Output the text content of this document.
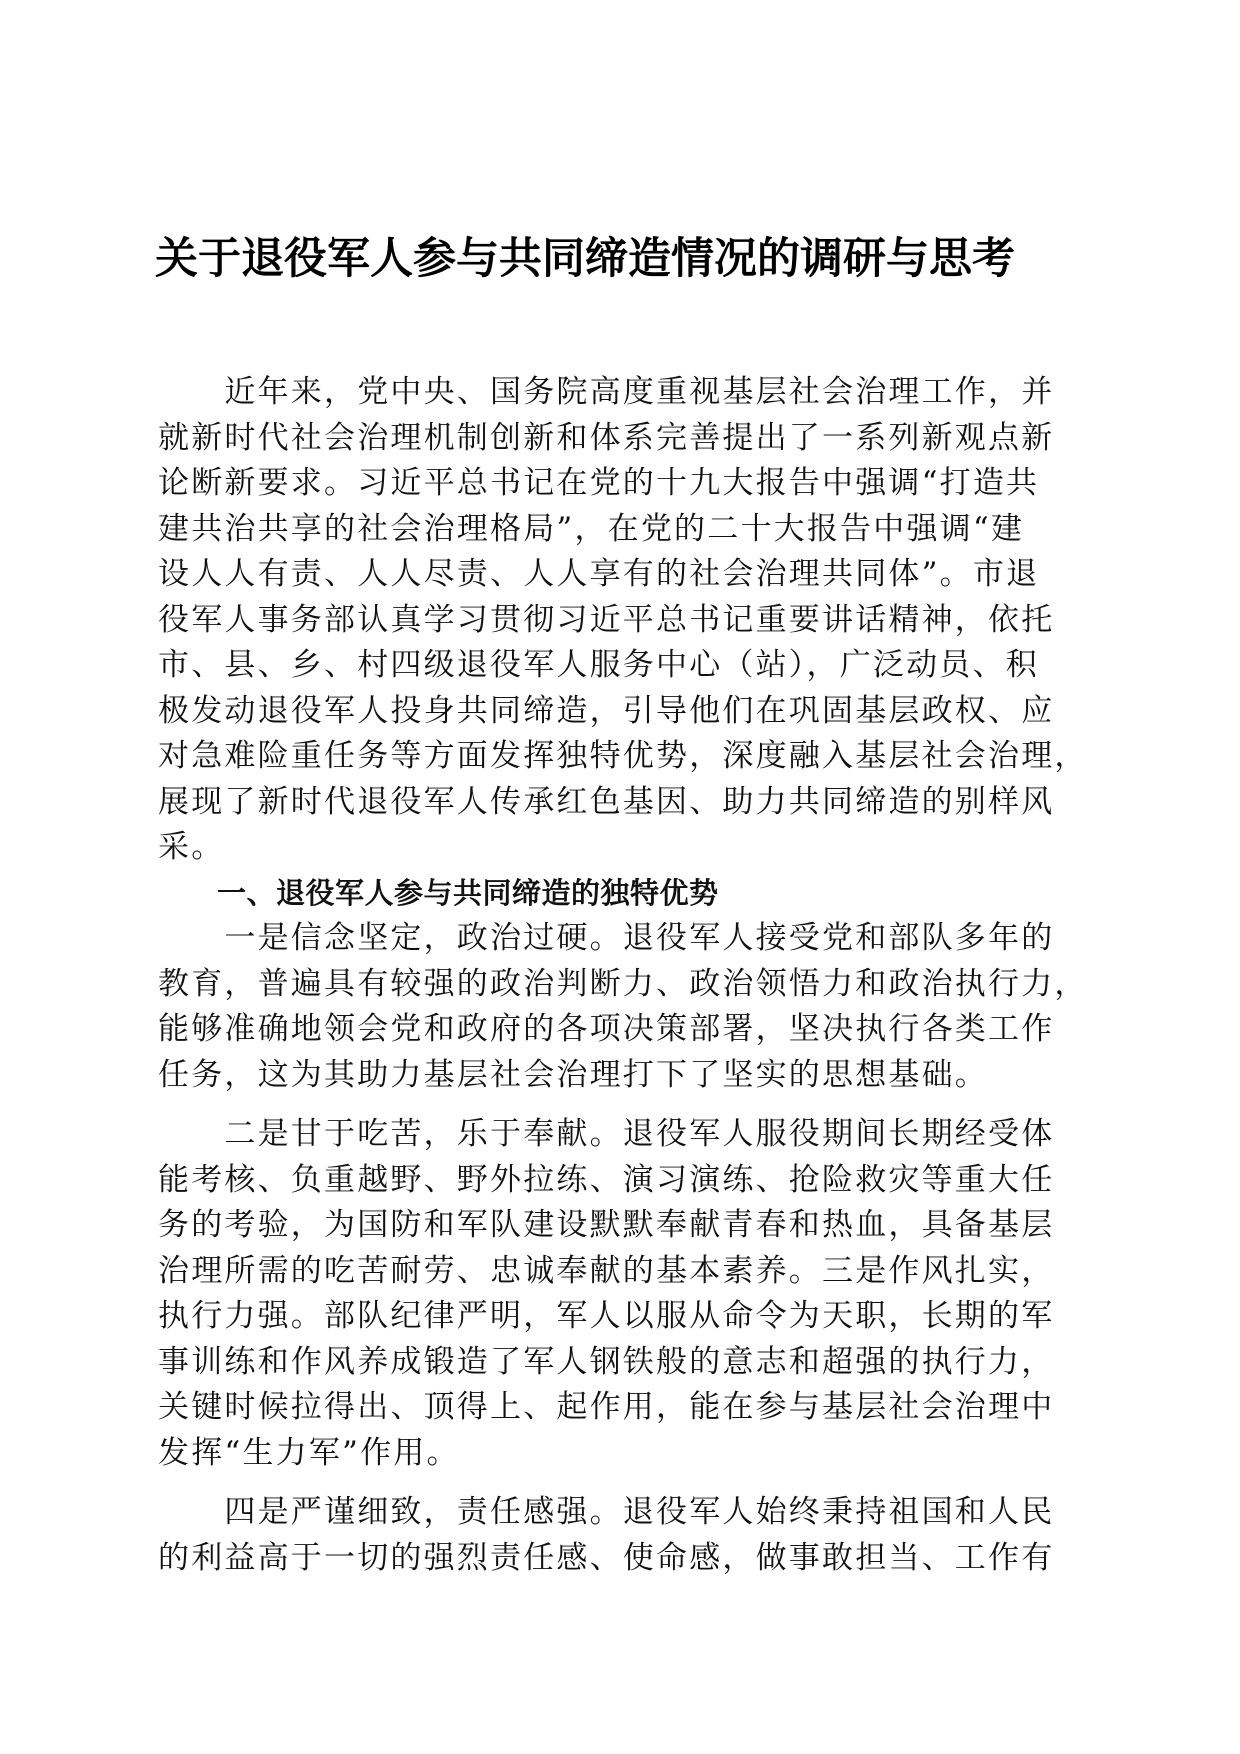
关于退役军人参与共同缔造情况的调研与思考
　　近年来，党中央、国务院高度重视基层社会治理工作，并
就新时代社会治理机制创新和体系完善提出了一系列新观点新
论断新要求。习近平总书记在党的十九大报告中强调“打造共
建共治共享的社会治理格局”，在党的二十大报告中强调“建
设人人有责、人人尽责、人人享有的社会治理共同体”。市退
役军人事务部认真学习贯彻习近平总书记重要讲话精神，依托
市、县、乡、村四级退役军人服务中心（站），广泛动员、积
极发动退役军人投身共同缔造，引导他们在巩固基层政权、应
对急难险重任务等方面发挥独特优势，深度融入基层社会治理，
展现了新时代退役军人传承红色基因、助力共同缔造的别样风
采。
　　一、退役军人参与共同缔造的独特优势
　　一是信念坚定，政治过硬。退役军人接受党和部队多年的
教育，普遍具有较强的政治判断力、政治领悟力和政治执行力，
能够准确地领会党和政府的各项决策部署，坚决执行各类工作
任务，这为其助力基层社会治理打下了坚实的思想基础。
　　二是甘于吃苦，乐于奉献。退役军人服役期间长期经受体
能考核、负重越野、野外拉练、演习演练、抢险救灾等重大任
务的考验，为国防和军队建设默默奉献青春和热血，具备基层
治理所需的吃苦耐劳、忠诚奉献的基本素养。三是作风扎实，
执行力强。部队纪律严明，军人以服从命令为天职，长期的军
事训练和作风养成锻造了军人钢铁般的意志和超强的执行力，
关键时候拉得出、顶得上、起作用，能在参与基层社会治理中
发挥“生力军”作用。
　　四是严谨细致，责任感强。退役军人始终秉持祖国和人民
的利益高于一切的强烈责任感、使命感，做事敢担当、工作有
